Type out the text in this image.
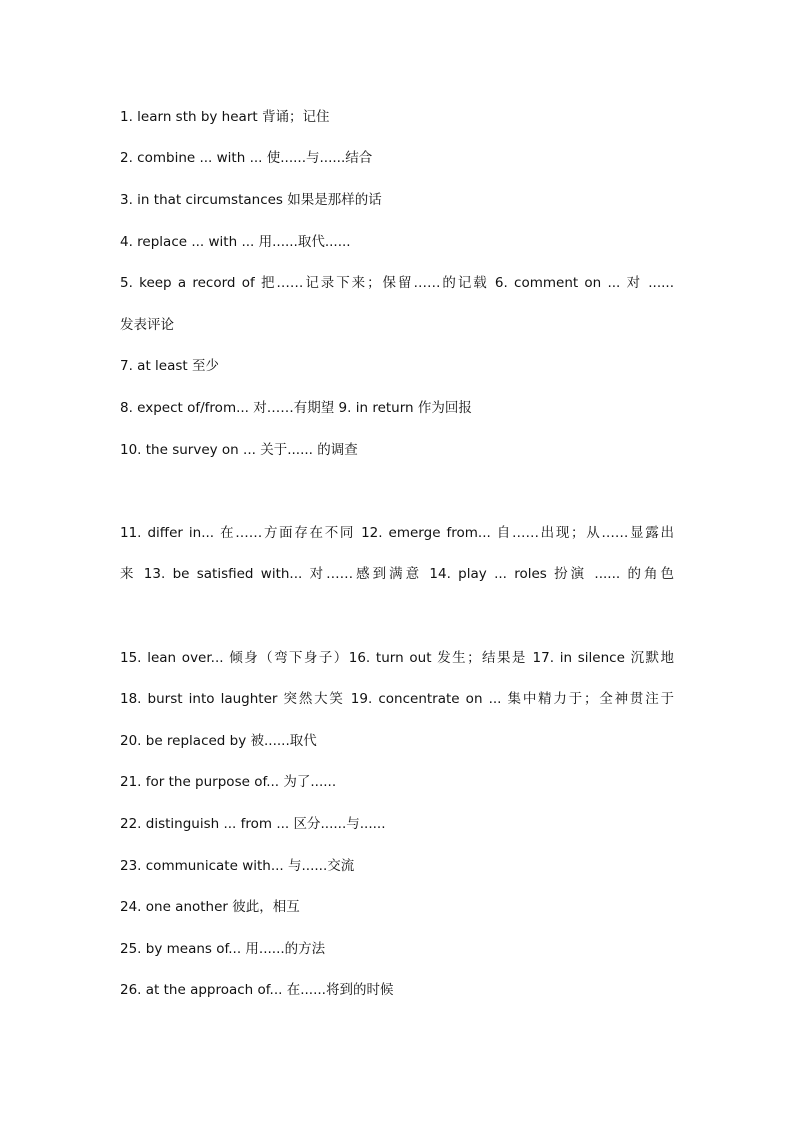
1. learn sth by heart 背诵；记住
2. combine ... with ... 使......与......结合
3. in that circumstances 如果是那样的话
4. replace ... with ... 用......取代......
5. keep a record of 把……记录下来；保留……的记载 6. comment on ... 对 ......
发表评论
7. at least 至少
8. expect of/from... 对……有期望 9. in return 作为回报
10. the survey on ... 关于...... 的调查
11. differ in... 在……方面存在不同 12. emerge from... 自……出现；从……显露出
来 13. be satisfied with... 对……感到满意 14. play ... roles 扮演 ...... 的角色
15. lean over... 倾身（弯下身子）16. turn out 发生；结果是 17. in silence 沉默地
18. burst into laughter 突然大笑 19. concentrate on ... 集中精力于；全神贯注于
20. be replaced by 被......取代
21. for the purpose of... 为了......
22. distinguish ... from ... 区分......与......
23. communicate with... 与......交流
24. one another 彼此，相互
25. by means of... 用......的方法
26. at the approach of... 在......将到的时候
